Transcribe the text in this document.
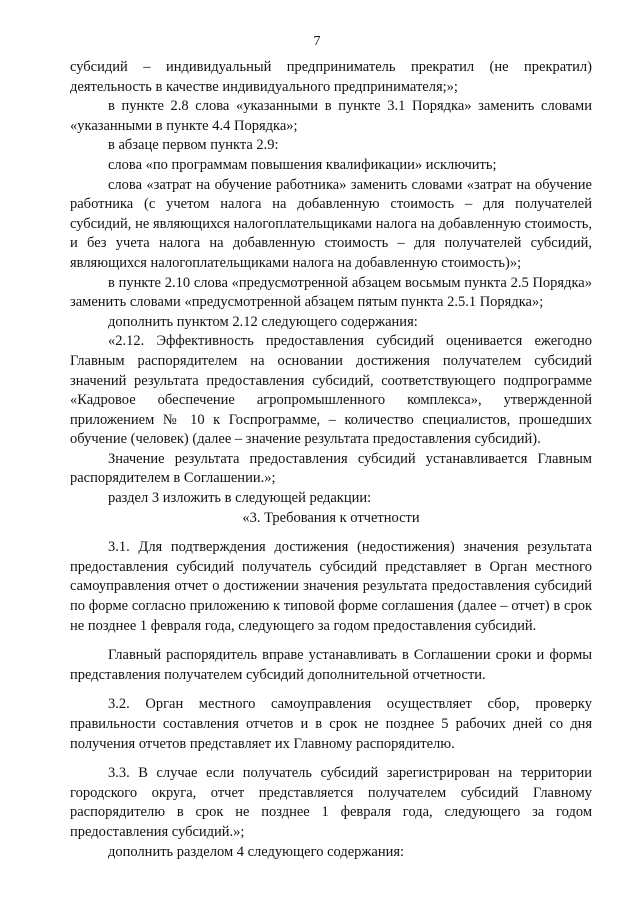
7

субсидий – индивидуальный предприниматель прекратил (не прекратил) деятельность в качестве индивидуального предпринимателя;»;

в пункте 2.8 слова «указанными в пункте 3.1 Порядка» заменить словами «указанными в пункте 4.4 Порядка»;

в абзаце первом пункта 2.9:

слова «по программам повышения квалификации» исключить;

слова «затрат на обучение работника» заменить словами «затрат на обучение работника (с учетом налога на добавленную стоимость – для получателей субсидий, не являющихся налогоплательщиками налога на добавленную стоимость, и без учета налога на добавленную стоимость – для получателей субсидий, являющихся налогоплательщиками налога на добавленную стоимость)»;

в пункте 2.10 слова «предусмотренной абзацем восьмым пункта 2.5 Порядка» заменить словами «предусмотренной абзацем пятым пункта 2.5.1 Порядка»;

дополнить пунктом 2.12 следующего содержания:

«2.12. Эффективность предоставления субсидий оценивается ежегодно Главным распорядителем на основании достижения получателем субсидий значений результата предоставления субсидий, соответствующего подпрограмме «Кадровое обеспечение агропромышленного комплекса», утвержденной приложением № 10 к Госпрограмме, – количество специалистов, прошедших обучение (человек) (далее – значение результата предоставления субсидий).

Значение результата предоставления субсидий устанавливается Главным распорядителем в Соглашении.»;

раздел 3 изложить в следующей редакции:

«3. Требования к отчетности

3.1. Для подтверждения достижения (недостижения) значения результата предоставления субсидий получатель субсидий представляет в Орган местного самоуправления отчет о достижении значения результата предоставления субсидий по форме согласно приложению к типовой форме соглашения (далее – отчет) в срок не позднее 1 февраля года, следующего за годом предоставления субсидий.

Главный распорядитель вправе устанавливать в Соглашении сроки и формы представления получателем субсидий дополнительной отчетности.

3.2. Орган местного самоуправления осуществляет сбор, проверку правильности составления отчетов и в срок не позднее 5 рабочих дней со дня получения отчетов представляет их Главному распорядителю.

3.3. В случае если получатель субсидий зарегистрирован на территории городского округа, отчет представляется получателем субсидий Главному распорядителю в срок не позднее 1 февраля года, следующего за годом предоставления субсидий.»;

дополнить разделом 4 следующего содержания:
